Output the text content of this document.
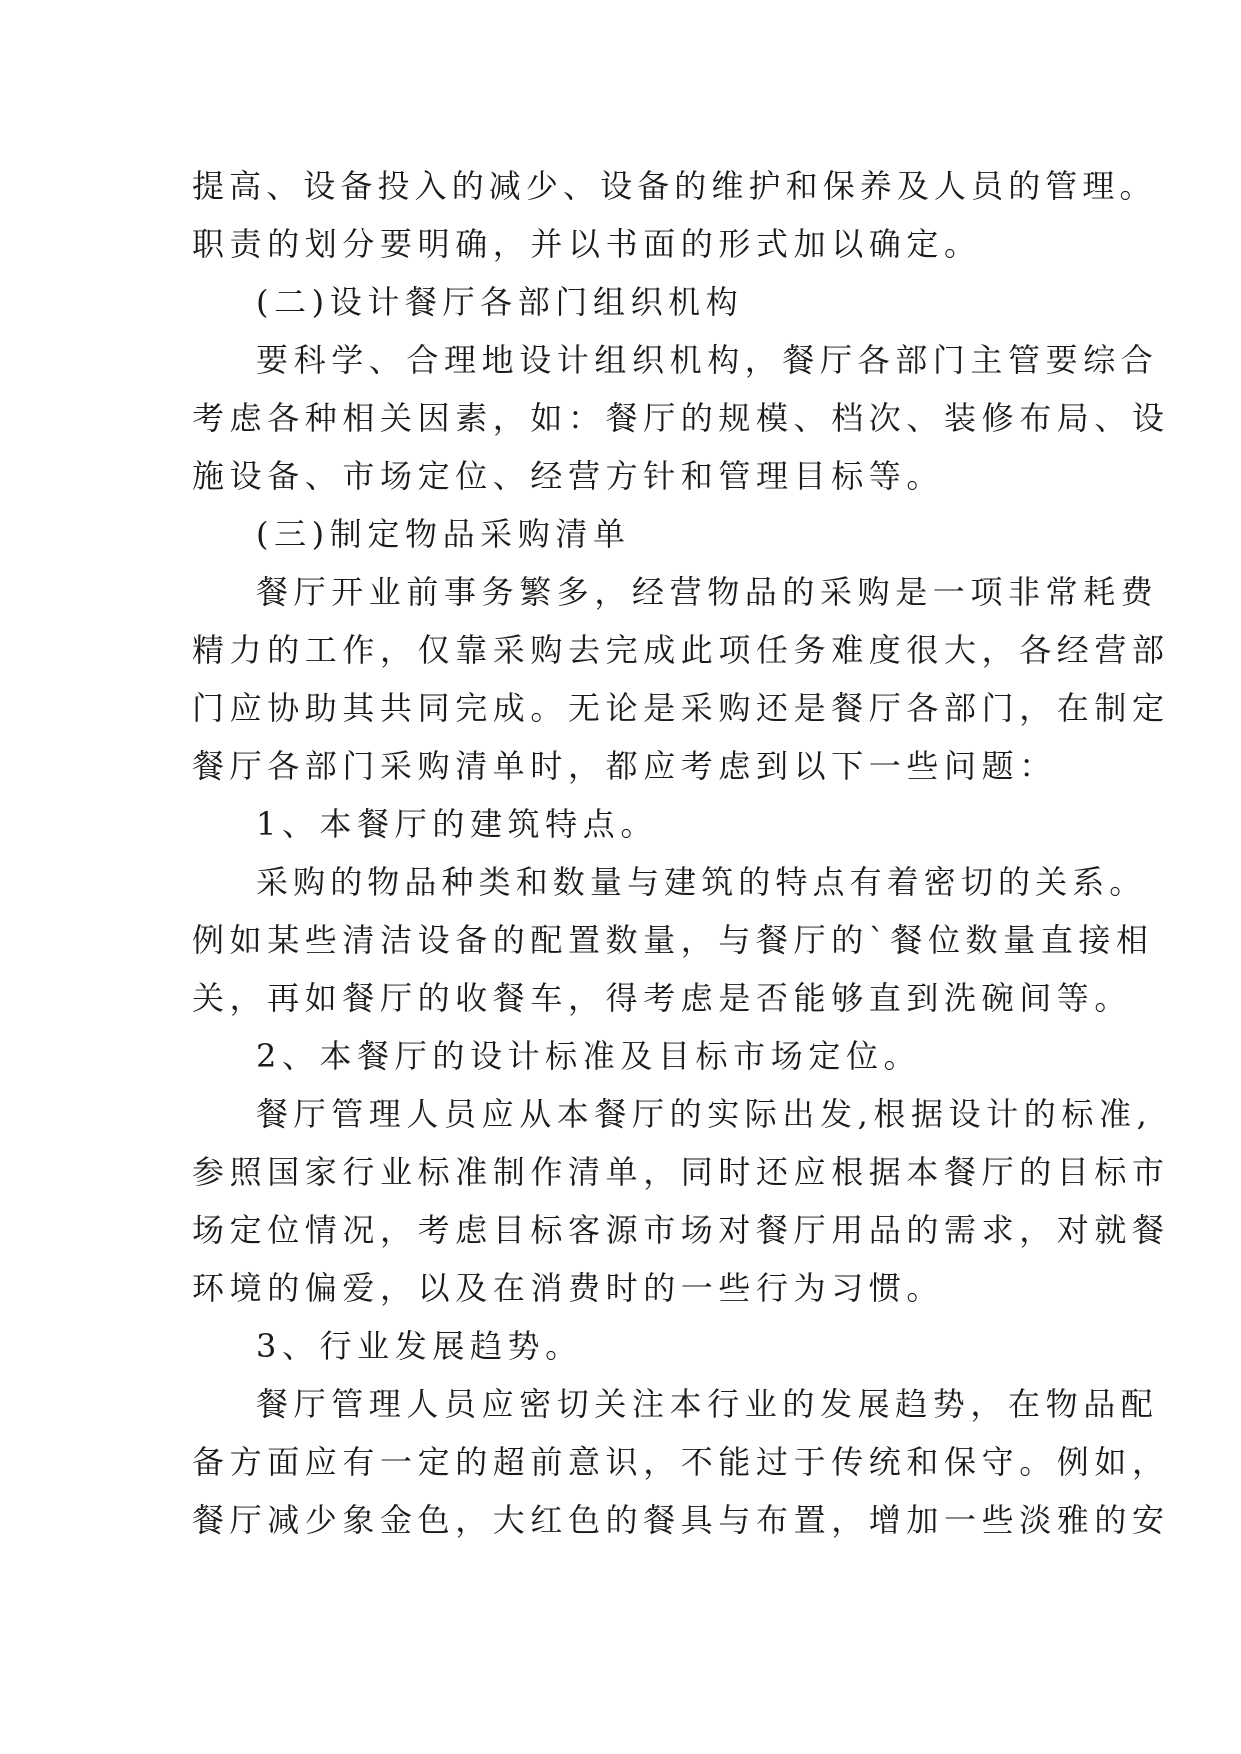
提高、设备投入的减少、设备的维护和保养及人员的管理。

职责的划分要明确，并以书面的形式加以确定。

(二)设计餐厅各部门组织机构

要科学、合理地设计组织机构，餐厅各部门主管要综合

考虑各种相关因素，如：餐厅的规模、档次、装修布局、设

施设备、市场定位、经营方针和管理目标等。

(三)制定物品采购清单

餐厅开业前事务繁多，经营物品的采购是一项非常耗费

精力的工作，仅靠采购去完成此项任务难度很大，各经营部

门应协助其共同完成。无论是采购还是餐厅各部门，在制定

餐厅各部门采购清单时，都应考虑到以下一些问题：

1、本餐厅的建筑特点。

采购的物品种类和数量与建筑的特点有着密切的关系。

例如某些清洁设备的配置数量，与餐厅的`餐位数量直接相

关，再如餐厅的收餐车，得考虑是否能够直到洗碗间等。

2、本餐厅的设计标准及目标市场定位。

餐厅管理人员应从本餐厅的实际出发,根据设计的标准,

参照国家行业标准制作清单，同时还应根据本餐厅的目标市

场定位情况，考虑目标客源市场对餐厅用品的需求，对就餐

环境的偏爱，以及在消费时的一些行为习惯。

3、行业发展趋势。

餐厅管理人员应密切关注本行业的发展趋势，在物品配

备方面应有一定的超前意识，不能过于传统和保守。例如，

餐厅减少象金色，大红色的餐具与布置，增加一些淡雅的安
